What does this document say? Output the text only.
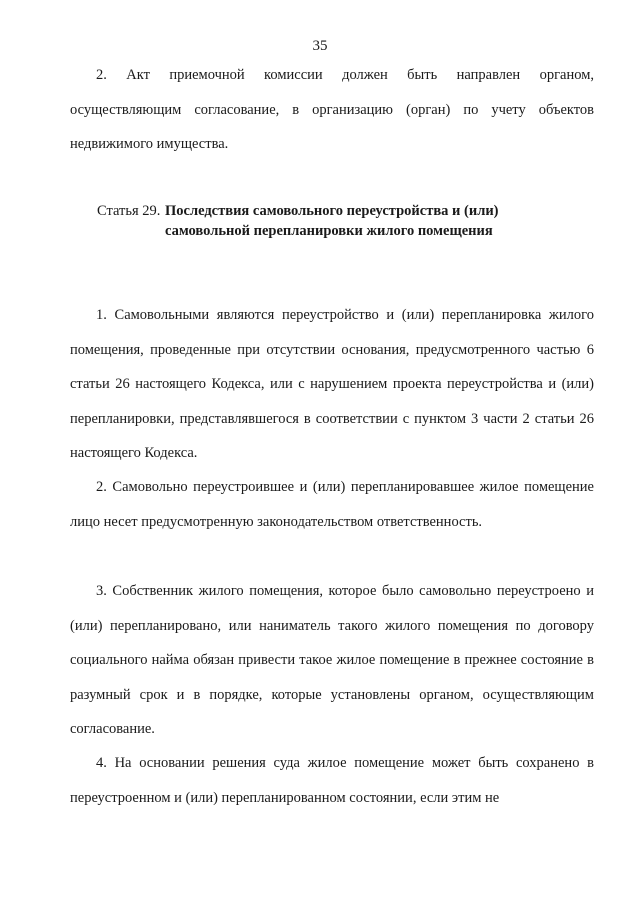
35

2. Акт приемочной комиссии должен быть направлен органом, осуществляющим согласование, в организацию (орган) по учету объектов недвижимого имущества.

Статья 29. Последствия самовольного переустройства и (или) самовольной перепланировки жилого помещения

1. Самовольными являются переустройство и (или) перепланировка жилого помещения, проведенные при отсутствии основания, предусмотренного частью 6 статьи 26 настоящего Кодекса, или с нарушением проекта переустройства и (или) перепланировки, представлявшегося в соответствии с пунктом 3 части 2 статьи 26 настоящего Кодекса.

2. Самовольно переустроившее и (или) перепланировавшее жилое помещение лицо несет предусмотренную законодательством ответственность.

3. Собственник жилого помещения, которое было самовольно переустроено и (или) перепланировано, или наниматель такого жилого помещения по договору социального найма обязан привести такое жилое помещение в прежнее состояние в разумный срок и в порядке, которые установлены органом, осуществляющим согласование.

4. На основании решения суда жилое помещение может быть сохранено в переустроенном и (или) перепланированном состоянии, если этим не
